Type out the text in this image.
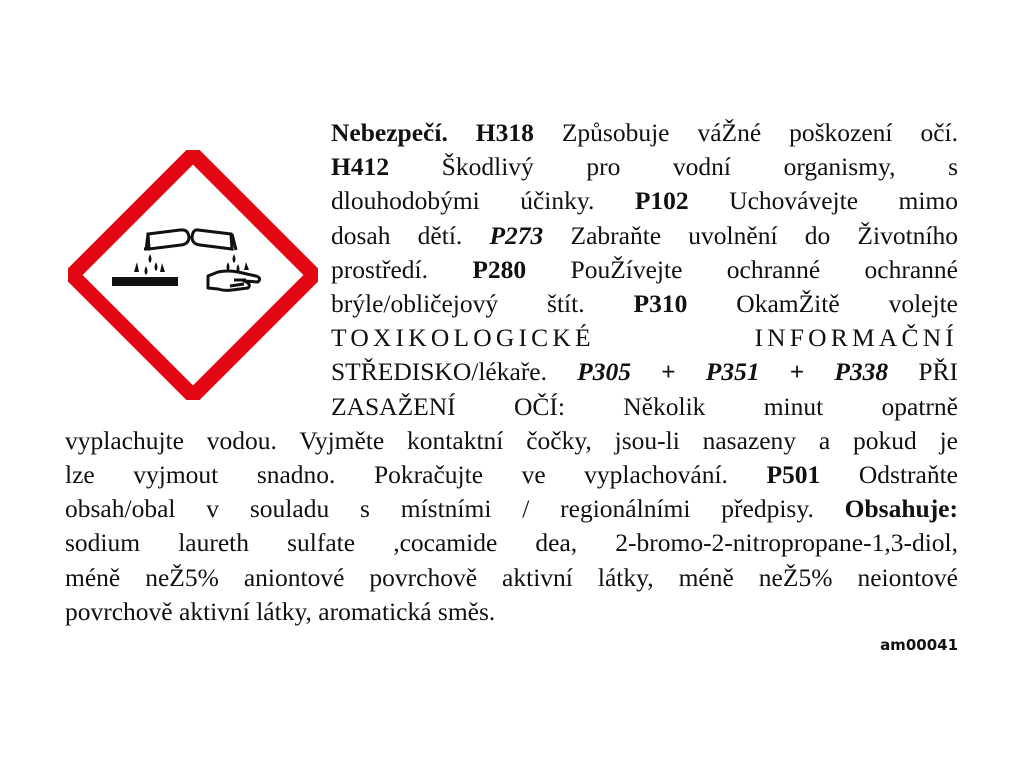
Nebezpečí. H318 Způsobuje váŽné poškození očí.
H412 Škodlivý pro vodní organismy, s
dlouhodobými účinky. P102 Uchovávejte mimo
dosah dětí. P273 Zabraňte uvolnění do Životního
prostředí. P280 PouŽívejte ochranné ochranné
brýle/obličejový štít. P310 OkamŽitě volejte
TOXIKOLOGICKÉ INFORMAČNÍ
STŘEDISKO/lékaře. P305 + P351 + P338 PŘI
ZASAŽENÍ OČÍ: Několik minut opatrně
vyplachujte vodou. Vyjměte kontaktní čočky, jsou-li nasazeny a pokud je
lze vyjmout snadno. Pokračujte ve vyplachování. P501 Odstraňte
obsah/obal v souladu s místními / regionálními předpisy. Obsahuje:
sodium laureth sulfate ,cocamide dea, 2-bromo-2-nitropropane-1,3-diol,
méně neŽ5% aniontové povrchově aktivní látky, méně neŽ5% neiontové
povrchově aktivní látky, aromatická směs.
am00041
